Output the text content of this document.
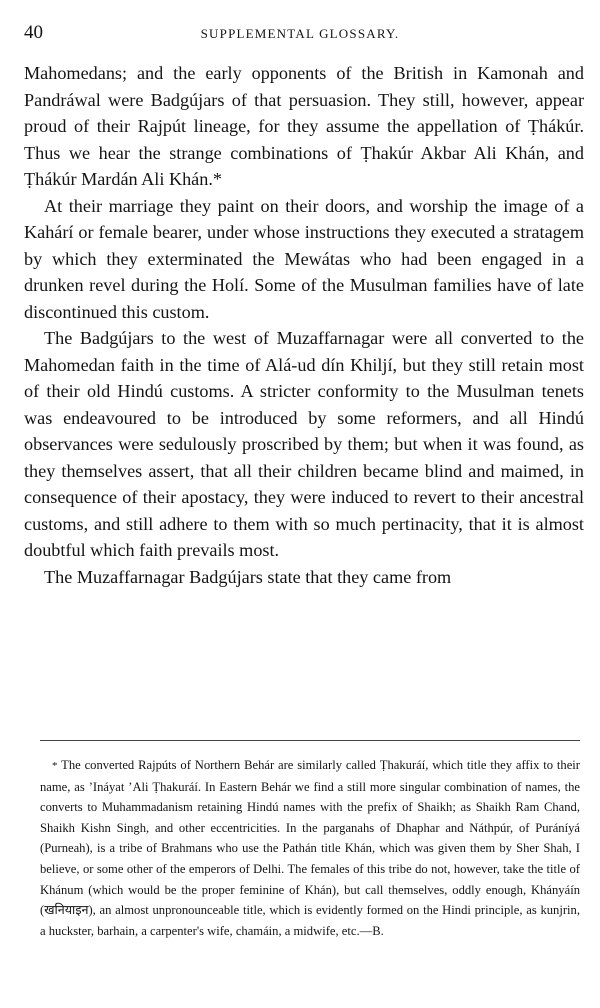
40	SUPPLEMENTAL GLOSSARY.

Mahomedans; and the early opponents of the British in Kamonah and Pandráwal were Badgújars of that persuasion. They still, however, appear proud of their Rajpút lineage, for they assume the appellation of Ṭhákúr. Thus we hear the strange combinations of Ṭhakúr Akbar Ali Khán, and Ṭhákúr Mardán Ali Khán.*

At their marriage they paint on their doors, and worship the image of a Kahárí or female bearer, under whose instructions they executed a stratagem by which they exterminated the Mewátas who had been engaged in a drunken revel during the Holí. Some of the Musulman families have of late discontinued this custom.

The Badgújars to the west of Muzaffarnagar were all converted to the Mahomedan faith in the time of Alá-ud dín Khiljí, but they still retain most of their old Hindú customs. A stricter conformity to the Musulman tenets was endeavoured to be introduced by some reformers, and all Hindú observances were sedulously proscribed by them; but when it was found, as they themselves assert, that all their children became blind and maimed, in consequence of their apostacy, they were induced to revert to their ancestral customs, and still adhere to them with so much pertinacity, that it is almost doubtful which faith prevails most.

The Muzaffarnagar Badgújars state that they came from

* The converted Rajpúts of Northern Behár are similarly called Ṭhakuráí, which title they affix to their name, as ʼInáyat ʼAli Ṭhakuráí. In Eastern Behár we find a still more singular combination of names, the converts to Muhammadanism retaining Hindú names with the prefix of Shaikh; as Shaikh Ram Chand, Shaikh Kishn Singh, and other eccentricities. In the parganahs of Dhaphar and Náthpúr, of Puráníyá (Purneah), is a tribe of Brahmans who use the Pathán title Khán, which was given them by Sher Shah, I believe, or some other of the emperors of Delhi. The females of this tribe do not, however, take the title of Khánum (which would be the proper feminine of Khán), but call themselves, oddly enough, Khányáín (खनियाइन), an almost unpronounceable title, which is evidently formed on the Hindi principle, as kunjrin, a huckster, barhain, a carpenter's wife, chamáin, a midwife, etc.—B.
